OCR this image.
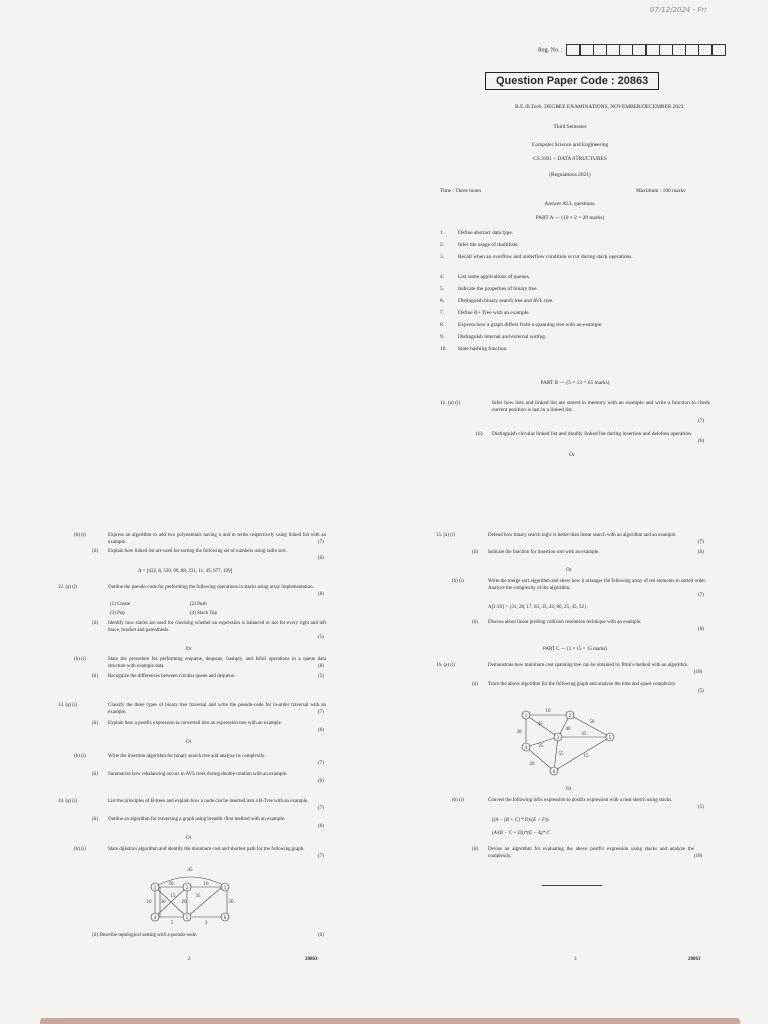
07/12/2024 - Fri
Reg. No. :
Question Paper Code : 20863
B.E./B.Tech. DEGREE EXAMINATIONS, NOVEMBER/DECEMBER 2023.
Third Semester
Computer Science and Engineering
CS 3301 – DATA STRUCTURES
(Regulations 2021)
Time : Three hours	Maximum : 100 marks
Answer ALL questions.
PART A — (10 × 2 = 20 marks)
1.	Define abstract data type.
2.	Infer the usage of multilists.
3.	Recall when an overflow and underflow condition occur during stack operations.
4.	List some applications of queues.
5.	Indicate the properties of binary tree.
6.	Distinguish binary search tree and AVL tree.
7.	Define B+ Tree with an example.
8.	Express how a graph differs from a spanning tree with an example.
9.	Distinguish internal and external sorting.
10. State hashing function.
PART B — (5 × 13 = 65 marks)
11. (a) (i)	Infer how lists and linked list are stored in memory with an example and write a function to check current position is last in a linked list.
(7)
(ii) Distinguish circular linked list and doubly linked list during insertion and deletion operation.
(6)
Or
(b) (i)	Express an algorithm to add two polynomials having n and m terms respectively using linked list with an example.	(7)
(ii) Explain how linked list are used for sorting the following set of numbers using radix sort.
(6)
A = [432, 8, 530, 90, 88, 231, 11, 45, 677, 199]
12. (a) (i)	Outline the pseudo-code for performing the following operations in stacks using array implementation.
(8)
(1) Create	(2) Push
(3) Pop	(4) Stack Top
(ii) Identify how stacks are used for checking whether an expression is balanced or not for every right and left brace, bracket and parenthesis.
(5)
Or
(b) (i)	State the procedure for performing enqueue, dequeue, Isempty, and Isfull operations in a queue data structure with example data.	(8)
(ii) Recognize the differences between circular queue and dequeue.	(5)
13. (a) (i)	Classify the three types of binary tree traversal and write the pseudo-code for in-order traversal with an example.	(7)
(ii) Explain how a postfix expression is converted into an expression tree with an example.
(6)
Or
(b) (i)	Write the insertion algorithm for binary search tree and analyze its complexity.
(7)
(ii) Summarize how rebalancing occurs in AVL trees during double rotation with an example.
(6)
14. (a) (i)	List the principles of B-trees and explain how a node can be inserted into a B-Tree with an example.
(7)
(ii) Outline an algorithm for traversing a graph using breadth -first method with an example.
(6)
Or
(b) (i)	State dijkstra's algorithm and identify the minimum cost and shortest path for the following graph.
(7)
1	2	3
4	5	6
45
50	10
10 30
15
20
35
30
3
5
(ii) Describe topological sorting with a pseudo-code.	(6)
2	20863
15. (a) (i)	Defend how binary search logic is better than linear search with an algorithm and an example.
(7)
(ii) Indicate the function for insertion sort with an example.	(6)
Or
(b) (i)	Write the merge sort algorithm and show how it arranges the following array of ten elements in sorted order. Analyze the complexity of the algorithm.
(7)
A[1:10] = {31, 28, 17, 65, 35, 42, 86, 25, 45, 52}.
(ii) Discuss about linear probing collision resolution technique with an example.
(6)
PART C — (1 × 15 = 15 marks)
16. (a) (i)	Demonstrate how minimum cost spanning tree can be obtained by Prim's method with an algorithm.
(10)
(ii) Trace the above algorithm for the following graph and analyze the time and space complexity.
(5)
1	2
3
4
5
6
10
45	50
40
30	35
25
55	15
20
Or
(b) (i)	Convert the following infix expression to postfix expression with a neat sketch using stacks.
(5)
((A − (B + C) * D)/(E + F)).
(A/(B − C + D))*(E − A)* C
(ii) Devise an algorithm for evaluating the above postfix expression using stacks and analyze the complexity.	(10)
3	20863
